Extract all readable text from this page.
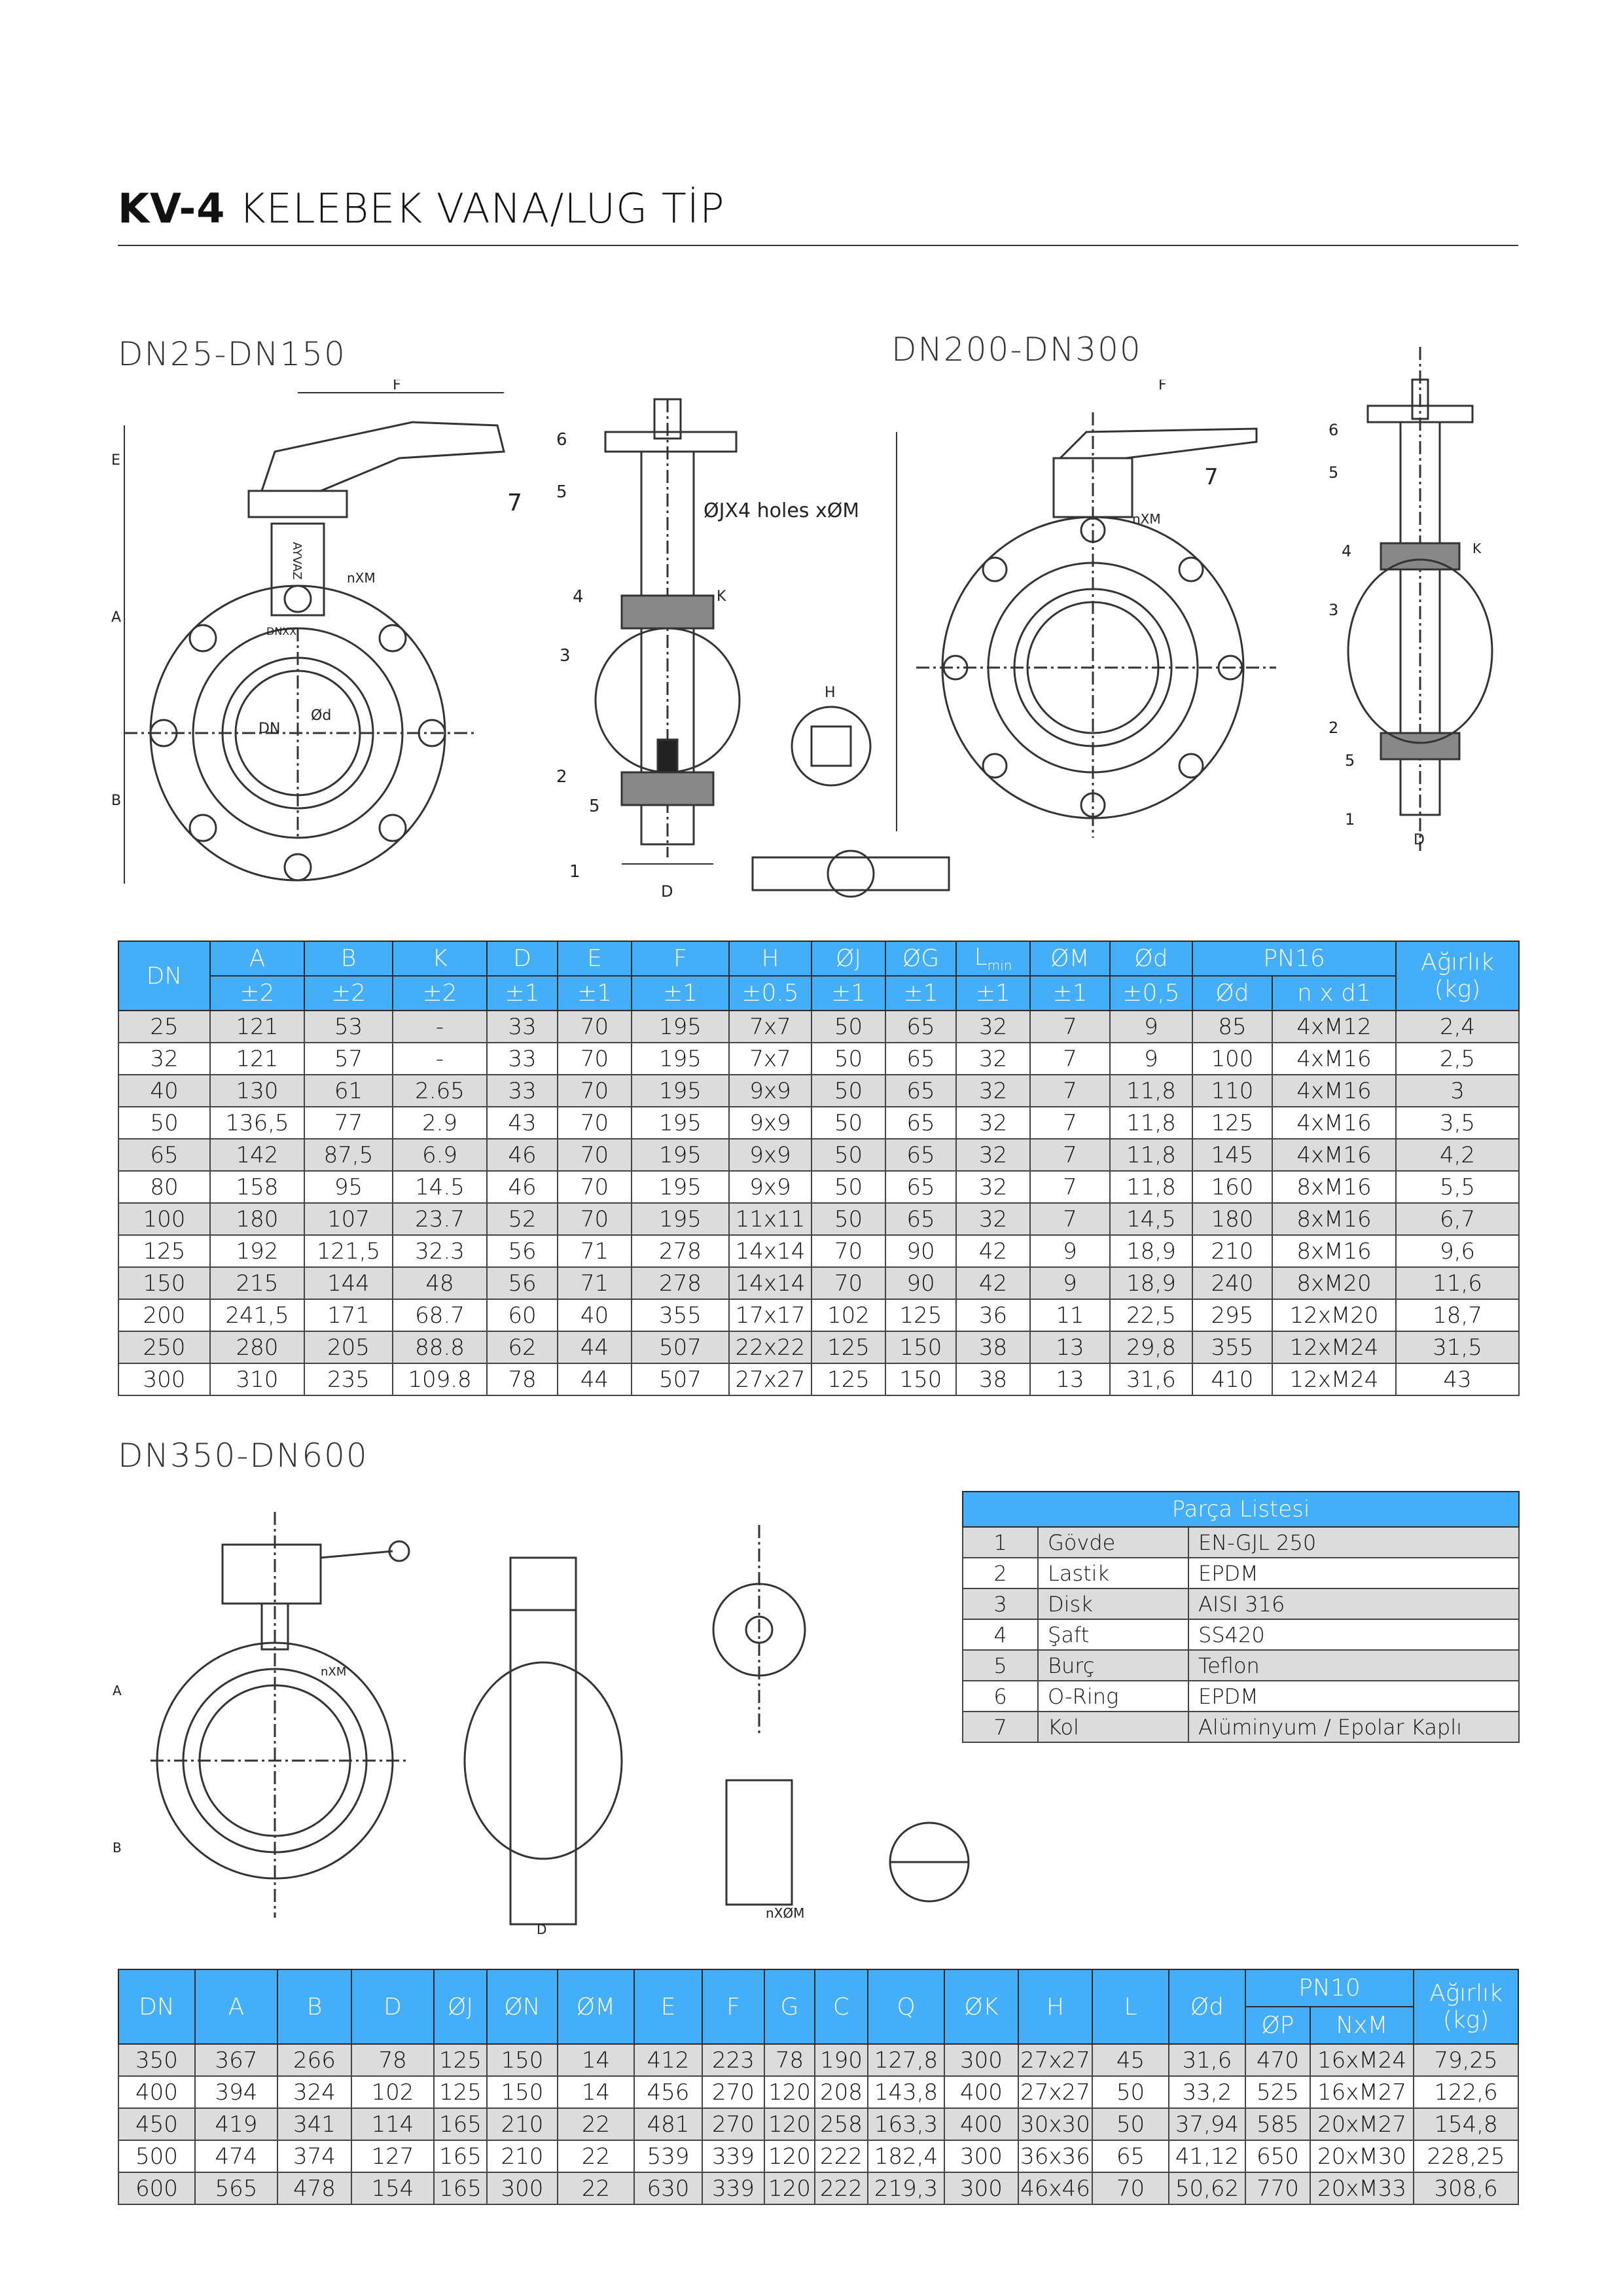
KV-4 KELEBEK VANA/LUG TİP
DN25-DN150	DN200-DN300
DN350-DN600
F
E
A
B
7
nXM
AYVAZ
DNXX
DN
Ød
6
5
4
3
2
5
1
D
K
ØJX4 holes xØM
H
F
7
nXM
6
5
4
3
2
5
1
D
K
A
B
nXM
D
nXØM
DN	A	B	K	D	E	F	H	ØJ	ØG	$L_{min}$	ØM	Ød	PN16		Ağırlık (kg)
	±2	±2	±2	±1	±1	±1	±0.5	±1	±1	±1	±1	±0,5	Ød	n x d1	
25	121	53	-	33	70	195	7x7	50	65	32	7	9	85	4xM12	2,4
32	121	57	-	33	70	195	7x7	50	65	32	7	9	100	4xM16	2,5
40	130	61	2.65	33	70	195	9x9	50	65	32	7	11,8	110	4xM16	3
50	136,5	77	2.9	43	70	195	9x9	50	65	32	7	11,8	125	4xM16	3,5
65	142	87,5	6.9	46	70	195	9x9	50	65	32	7	11,8	145	4xM16	4,2
80	158	95	14.5	46	70	195	9x9	50	65	32	7	11,8	160	8xM16	5,5
100	180	107	23.7	52	70	195	11x11	50	65	32	7	14,5	180	8xM16	6,7
125	192	121,5	32.3	56	71	278	14x14	70	90	42	9	18,9	210	8xM16	9,6
150	215	144	48	56	71	278	14x14	70	90	42	9	18,9	240	8xM20	11,6
200	241,5	171	68.7	60	40	355	17x17	102	125	36	11	22,5	295	12xM20	18,7
250	280	205	88.8	62	44	507	22x22	125	150	38	13	29,8	355	12xM24	31,5
300	310	235	109.8	78	44	507	27x27	125	150	38	13	31,6	410	12xM24	43
Parça Listesi		
1	Gövde	EN-GJL 250
2	Lastik	EPDM
3	Disk	AISI 316
4	Şaft	SS420
5	Burç	Teflon
6	O-Ring	EPDM
7	Kol	Alüminyum / Epolar Kaplı
DN	A	B	D	ØJ	ØN	ØM	E	F	G	C	Q	ØK	H	L	Ød	PN10		Ağırlık (kg)
																ØP	NxM	
350	367	266	78	125	150	14	412	223	78	190	127,8	300	27x27	45	31,6	470	16xM24	79,25
400	394	324	102	125	150	14	456	270	120	208	143,8	400	27x27	50	33,2	525	16xM27	122,6
450	419	341	114	165	210	22	481	270	120	258	163,3	400	30x30	50	37,94	585	20xM27	154,8
500	474	374	127	165	210	22	539	339	120	222	182,4	300	36x36	65	41,12	650	20xM30	228,25
600	565	478	154	165	300	22	630	339	120	222	219,3	300	46x46	70	50,62	770	20xM33	308,6
